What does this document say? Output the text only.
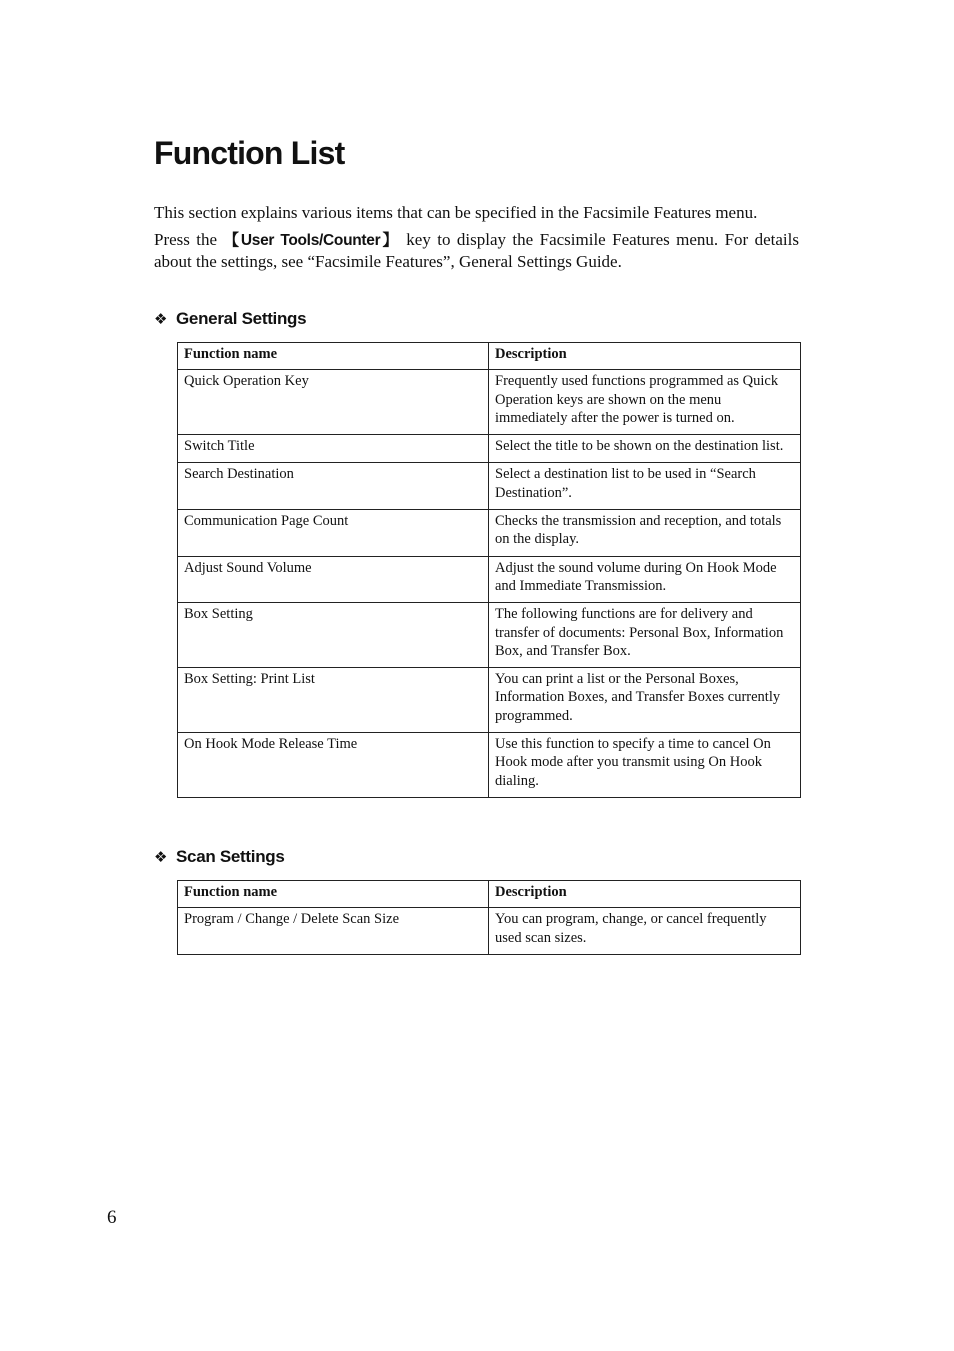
Function List

This section explains various items that can be specified in the Facsimile Features menu.

Press the 【User Tools/Counter】 key to display the Facsimile Features menu. For details about the settings, see “Facsimile Features”, General Settings Guide.

❖ General Settings
Function name	Description
Quick Operation Key	Frequently used functions programmed as Quick Operation keys are shown on the menu immediately after the power is turned on.
Switch Title	Select the title to be shown on the destination list.
Search Destination	Select a destination list to be used in “Search Destination”.
Communication Page Count	Checks the transmission and reception, and totals on the display.
Adjust Sound Volume	Adjust the sound volume during On Hook Mode and Immediate Transmission.
Box Setting	The following functions are for delivery and transfer of documents: Personal Box, Information Box, and Transfer Box.
Box Setting: Print List	You can print a list or the Personal Boxes, Information Boxes, and Transfer Boxes currently programmed.
On Hook Mode Release Time	Use this function to specify a time to cancel On Hook mode after you transmit using On Hook dialing.
❖ Scan Settings
Function name	Description
Program / Change / Delete Scan Size	You can program, change, or cancel frequently used scan sizes.
6
